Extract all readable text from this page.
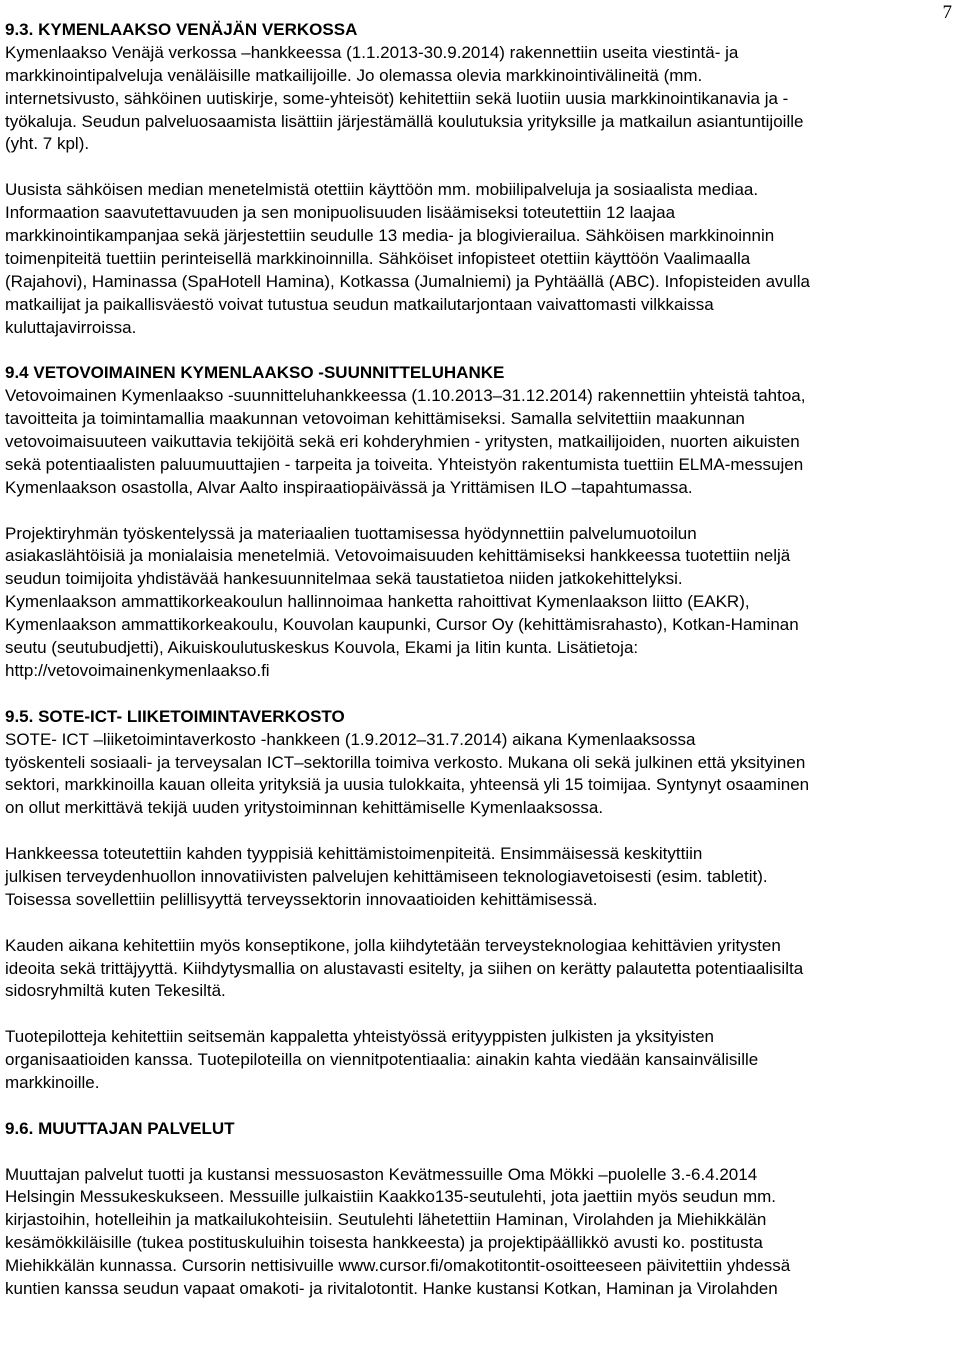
7
9.3. KYMENLAAKSO VENÄJÄN VERKOSSA
Kymenlaakso Venäjä verkossa –hankkeessa (1.1.2013-30.9.2014) rakennettiin useita viestintä- ja
markkinointipalveluja venäläisille matkailijoille. Jo olemassa olevia markkinointivälineitä (mm.
internetsivusto, sähköinen uutiskirje, some-yhteisöt) kehitettiin sekä luotiin uusia markkinointikanavia ja -
työkaluja. Seudun palveluosaamista lisättiin järjestämällä koulutuksia yrityksille ja matkailun asiantuntijoille
(yht. 7 kpl).
Uusista sähköisen median menetelmistä otettiin käyttöön mm. mobiilipalveluja ja sosiaalista mediaa.
Informaation saavutettavuuden ja sen monipuolisuuden lisäämiseksi toteutettiin 12 laajaa
markkinointikampanjaa sekä järjestettiin seudulle 13 media- ja blogivierailua. Sähköisen markkinoinnin
toimenpiteitä tuettiin perinteisellä markkinoinnilla. Sähköiset infopisteet otettiin käyttöön Vaalimaalla
(Rajahovi), Haminassa (SpaHotell Hamina), Kotkassa (Jumalniemi) ja Pyhtäällä (ABC). Infopisteiden avulla
matkailijat ja paikallisväestö voivat tutustua seudun matkailutarjontaan vaivattomasti vilkkaissa
kuluttajavirroissa.
9.4 VETOVOIMAINEN KYMENLAAKSO -SUUNNITTELUHANKE
Vetovoimainen Kymenlaakso -suunnitteluhankkeessa (1.10.2013–31.12.2014) rakennettiin yhteistä tahtoa,
tavoitteita ja toimintamallia maakunnan vetovoiman kehittämiseksi. Samalla selvitettiin maakunnan
vetovoimaisuuteen vaikuttavia tekijöitä sekä eri kohderyhmien - yritysten, matkailijoiden, nuorten aikuisten
sekä potentiaalisten paluumuuttajien - tarpeita ja toiveita. Yhteistyön rakentumista tuettiin ELMA-messujen
Kymenlaakson osastolla, Alvar Aalto inspiraatiopäivässä ja Yrittämisen ILO –tapahtumassa.
Projektiryhmän työskentelyssä ja materiaalien tuottamisessa hyödynnettiin palvelumuotoilun
asiakaslähtöisiä ja monialaisia menetelmiä. Vetovoimaisuuden kehittämiseksi hankkeessa tuotettiin neljä
seudun toimijoita yhdistävää hankesuunnitelmaa sekä taustatietoa niiden jatkokehittelyksi.
Kymenlaakson ammattikorkeakoulun hallinnoimaa hanketta rahoittivat Kymenlaakson liitto (EAKR),
Kymenlaakson ammattikorkeakoulu, Kouvolan kaupunki, Cursor Oy (kehittämisrahasto), Kotkan-Haminan
seutu (seutubudjetti), Aikuiskoulutuskeskus Kouvola, Ekami ja Iitin kunta. Lisätietoja:
http://vetovoimainenkymenlaakso.fi
9.5. SOTE-ICT- LIIKETOIMINTAVERKOSTO
SOTE- ICT –liiketoimintaverkosto -hankkeen (1.9.2012–31.7.2014) aikana Kymenlaaksossa
työskenteli sosiaali- ja terveysalan ICT–sektorilla toimiva verkosto. Mukana oli sekä julkinen että yksityinen
sektori, markkinoilla kauan olleita yrityksiä ja uusia tulokkaita, yhteensä yli 15 toimijaa. Syntynyt osaaminen
on ollut merkittävä tekijä uuden yritystoiminnan kehittämiselle Kymenlaaksossa.
Hankkeessa toteutettiin kahden tyyppisiä kehittämistoimenpiteitä. Ensimmäisessä keskityttiin
julkisen terveydenhuollon innovatiivisten palvelujen kehittämiseen teknologiavetoisesti (esim. tabletit).
Toisessa sovellettiin pelillisyyttä terveyssektorin innovaatioiden kehittämisessä.
Kauden aikana kehitettiin myös konseptikone, jolla kiihdytetään terveysteknologiaa kehittävien yritysten
ideoita sekä trittäjyyttä. Kiihdytysmallia on alustavasti esitelty, ja siihen on kerätty palautetta potentiaalisilta
sidosryhmiltä kuten Tekesiltä.
Tuotepilotteja kehitettiin seitsemän kappaletta yhteistyössä erityyppisten julkisten ja yksityisten
organisaatioiden kanssa. Tuotepiloteilla on viennitpotentiaalia: ainakin kahta viedään kansainvälisille
markkinoille.
9.6. MUUTTAJAN PALVELUT
Muuttajan palvelut tuotti ja kustansi messuosaston Kevätmessuille Oma Mökki –puolelle 3.-6.4.2014
Helsingin Messukeskukseen. Messuille julkaistiin Kaakko135-seutulehti, jota jaettiin myös seudun mm.
kirjastoihin, hotelleihin ja matkailukohteisiin. Seutulehti lähetettiin Haminan, Virolahden ja Miehikkälän
kesämökkiläisille (tukea postituskuluihin toisesta hankkeesta) ja projektipäällikkö avusti ko. postitusta
Miehikkälän kunnassa. Cursorin nettisivuille www.cursor.fi/omakotitontit-osoitteeseen päivitettiin yhdessä
kuntien kanssa seudun vapaat omakoti- ja rivitalotontit. Hanke kustansi Kotkan, Haminan ja Virolahden
